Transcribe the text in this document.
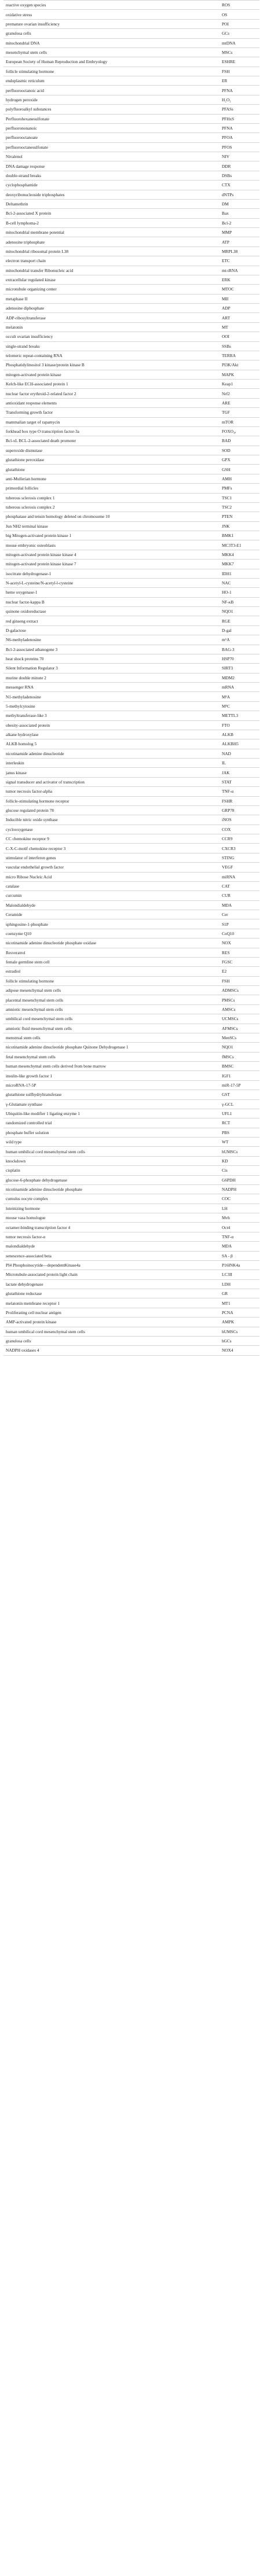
reactive oxygen species	ROS
oxidative stress	OS
premature ovarian insufficiency	POI
granulosa cells	GCs
mitochondrial DNA	mtDNA
mesenchymal stem cells	MSCs
European Society of Human Reproduction and Embryology	ESHRE
follicle stimulating hormone	FSH
endoplasmic reticulum	ER
perfluorooctanoic acid	PFNA
hydrogen peroxide	H₂O₂
polyfluoroalkyl substances	PFASs
Perfluorohexanesulfonate	PFHxS
perfluorononanoic	PFNA
perfluorooctanoate	PFOA
perfluorooctanesulfonate	PFOS
Nivalenol	NIV
DNA damage response	DDR
double-strand breaks	DSBs
cyclophosphamide	CTX
deoxyribonucleoside triphosphates	dNTPs
Deltamethrin	DM
Bcl-2-associated X protein	Bax
B-cell lymphoma-2	Bcl-2
mitochondrial membrane potential	MMP
adenosine triphosphate	ATP
mitochondrial ribosomal protein L38	MRPL38
electron transport chain	ETC
mitochondrial transfer Ribonucleic acid	mt-tRNA
extracellular regulated kinase	ERK
microtubule organizing center	MTOC
metaphase II	MII
adenosine diphosphate	ADP
ADP-ribosyltransferase	ART
melatonin	MT
occult ovarian insufficiency	OOI
single-strand breaks	SSBs
telomeric repeat-containing RNA	TERRA
Phosphatidylinositol 3 kinase/protein kinase B	PI3K/Akt
mitogen-activated protein kinase	MAPK
Kelch-like ECH-associated protein 1	Keap1
nuclear factor erythroid-2-related factor 2	Nrf2
antioxidant response elements	ARE
Transforming growth factor	TGF
mammalian target of rapamycin	mTOR
forkhead box type O transcription factor-3a	FOXO₃ₐ
Bcl-xL BCL-2-associated death promoter	BAD
superoxide dismutase	SOD
glutathione peroxidase	GPX
glutathione	GSH
anti-Mullerian hormone	AMH
primordial follicles	PMFs
tuberous sclerosis complex 1	TSC1
tuberous sclerosis complex 2	TSC2
phosphatase and tensin homology deleted on chromosome 10	PTEN
Jun NH2 terminal kinase	JNK
big Mitogen-activated protein kinase 1	BMK1
mouse embryonic osteoblasts	MC3T3-E1
mitogen-activated protein kinase kinase 4	MKK4
mitogen-activated protein kinase kinase 7	MKK7
isocitrate dehydrogenase-1	IDH1
N-acetyl-L-cysteine/N-acetyl-l-cysteine	NAC
heme oxygenase-1	HO-1
nuclear factor-kappa B	NF-κB
quinone oxidoreductase	NQO1
red ginseng extract	RGE
D-galactose	D-gal
N6-methyladenosine	m⁶A
Bcl-2-associated athanogene 3	BAG-3
heat shock proteins 70	HSP70
Silent Information Regulator 3	SIRT3
murine double minute 2	MDM2
messenger RNA	mRNA
N1-methyladenosine	M¹A
5-methylcytosine	M⁵C
methyltransferase-like 3	METTL3
obesity-associated protein	FTO
alkane hydroxylase	ALKB
ALKB homolog 5	ALKBH5
nicotinamide adenine dinucleotide	NAD
interleukin	IL
janus kinase	JAK
signal transducer and activator of transcription	STAT
tumor necrosis factor-alpha	TNF-α
follicle-stimulating hormone receptor	FSHR
glucose regulated protein 78	GRP78
Inducible nitric oxide synthase	iNOS
cyclooxygenase	COX
CC chemokine receptor 9	CCR9
C-X-C-motif chemokine receptor 3	CXCR3
stimulator of interferon genes	STING
vascular endothelial growth factor	VEGF
micro Ribose Nucleic Acid	miRNA
catalase	CAT
curcumin	CUR
Malondialdehyde	MDA
Ceramide	Cer
sphingosine-1-phosphate	S1P
coenzyme Q10	CoQ10
nicotinamide adenine dinucleotide phosphate oxidase	NOX
Resveratrol	RES
female germline stem cell	FGSC
estradiol	E2
follicle stimulating hormone	FSH
adipose mesenchymal stem cells	ADMSCs
placental mesenchymal stem cells	PMSCs
amniotic mesenchymal stem cells	AMSCs
umbilical cord mesenchymal stem cells	UCMSCs
amniotic fluid mesenchymal stem cells	AFMSCs
menstrual stem cells	MenSCs
nicotinamide adenine dinucleotide phosphate Quinone Dehydrogenase 1	NQO1
fetal mesenchymal stem cells	fMSCs
human mesenchymal stem cells derived from bone marrow	BMSC
insulin-like growth factor 1	IGF1
microRNA-17-5P	miR-17-5P
glutathione sulfhydryltransferase	GST
γ-Glutamate synthase	γ-GCL
Ubiquitin-like modifier 1 ligating enzyme 1	UFL1
randomized controlled trial	RCT
phosphate buffer solution	PBS
wild type	WT
human umbilical cord mesenchymal stem cells	hUMSCs
knockdown	KD
cisplatin	Cis
glucose-6-phosphate dehydrogenase	G6PDH
nicotinamide adenine dinucleotide phosphate	NADPH
cumulus oocyte complex	COC
luteinizing hormone	LH
mouse vasa homologue	Mvh
octamer-binding transcription factor 4	Oct4
tumor necrosis factor-α	TNF-α
malondialdehyde	MDA
senescence-associated beta	SA - β
PI4 Phosphoinocytide—dependentKinase4a	P16INK4a
Microtubule-associated protein light chain	LC3II
lactate dehydrogenase	LDH
glutathione reductase	GR
melatonin membrane receptor 1	MT1
Proliferating cell nuclear antigen	PCNA
AMP-activated protein kinase	AMPK
human umbilical cord mesenchymal stem cells	hUMSCs
granulosa cells	hGCs
NADPH oxidases 4	NOX4
